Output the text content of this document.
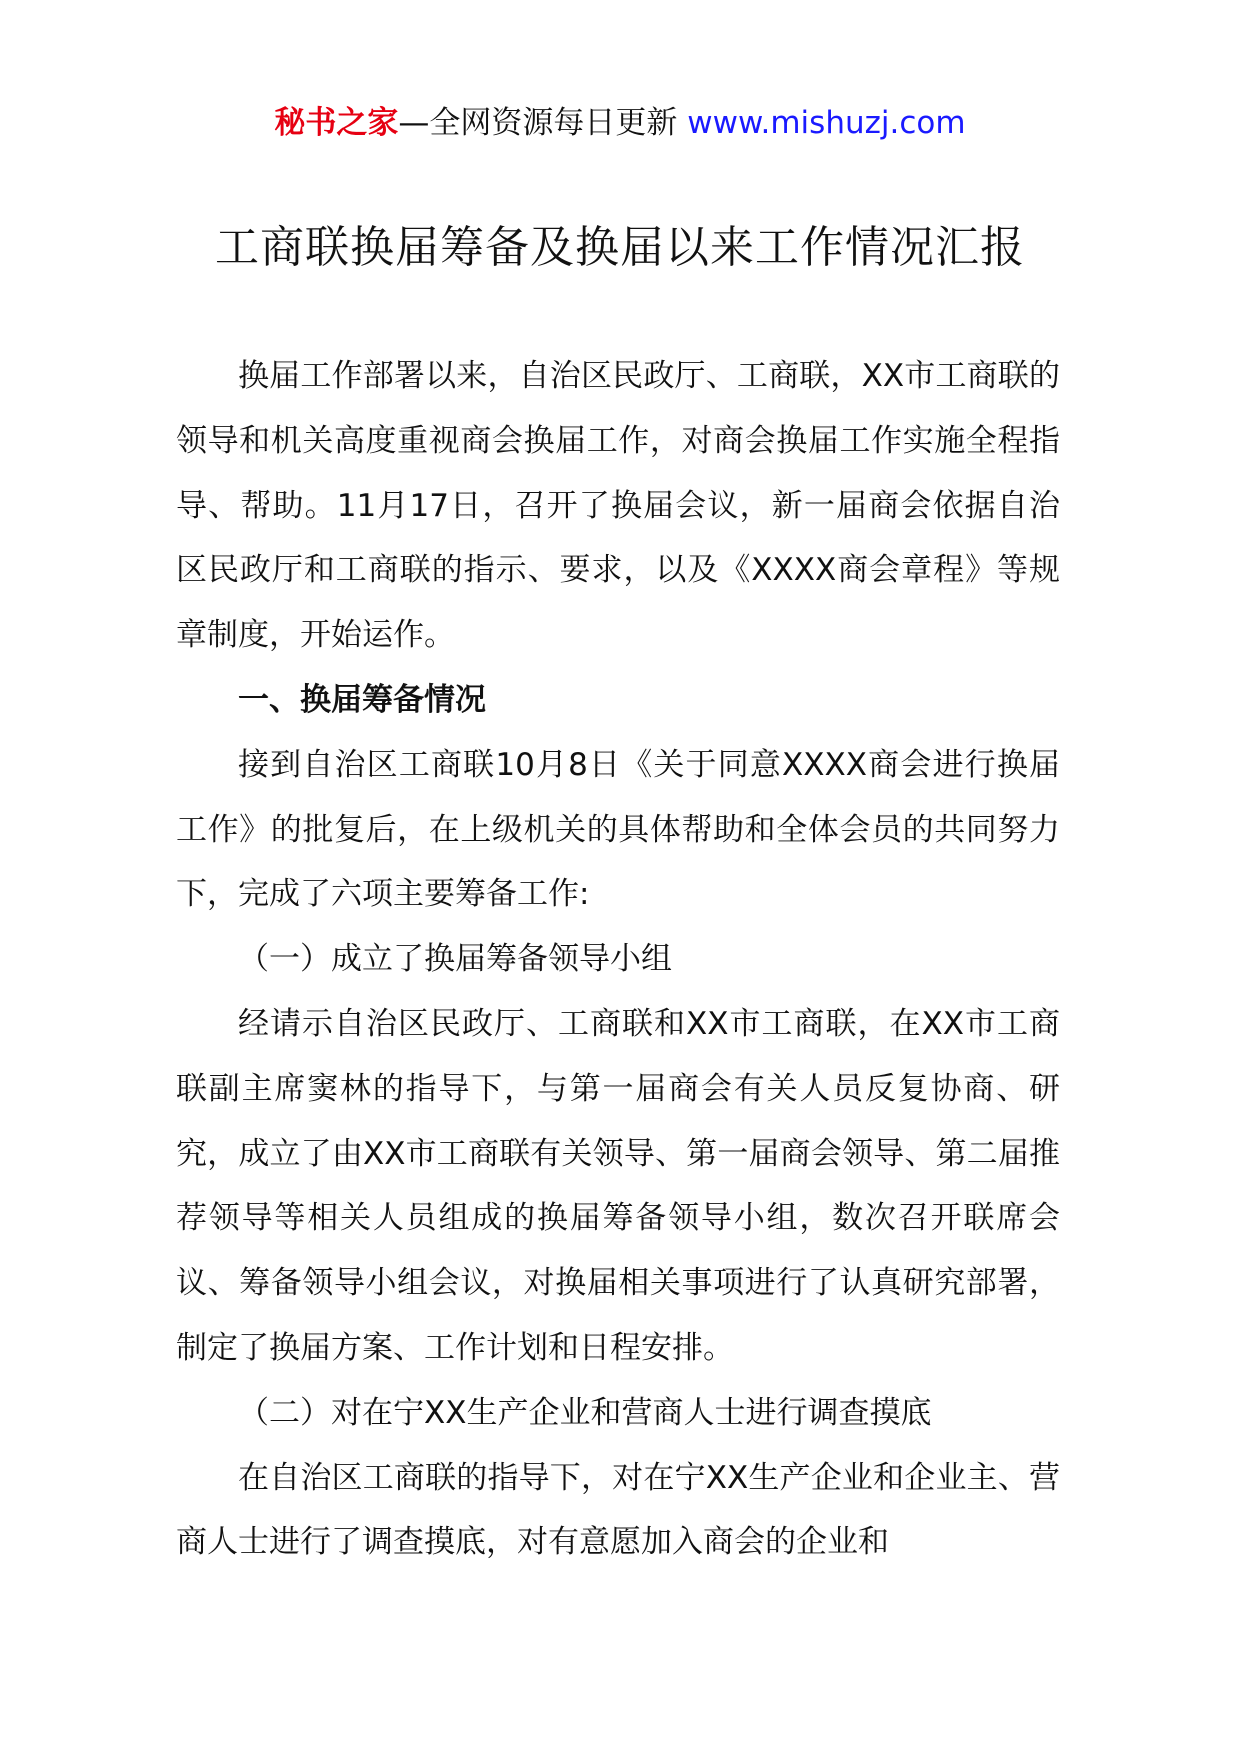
秘书之家—全网资源每日更新 www.mishuzj.com
工商联换届筹备及换届以来工作情况汇报

换届工作部署以来，自治区民政厅、工商联，XX市工商联的领导和机关高度重视商会换届工作，对商会换届工作实施全程指导、帮助。11月17日，召开了换届会议，新一届商会依据自治区民政厅和工商联的指示、要求，以及《XXXX商会章程》等规章制度，开始运作。

一、换届筹备情况

接到自治区工商联10月8日《关于同意XXXX商会进行换届工作》的批复后，在上级机关的具体帮助和全体会员的共同努力下，完成了六项主要筹备工作:

（一）成立了换届筹备领导小组

经请示自治区民政厅、工商联和XX市工商联，在XX市工商联副主席窦林的指导下，与第一届商会有关人员反复协商、研究，成立了由XX市工商联有关领导、第一届商会领导、第二届推荐领导等相关人员组成的换届筹备领导小组，数次召开联席会议、筹备领导小组会议，对换届相关事项进行了认真研究部署，制定了换届方案、工作计划和日程安排。

（二）对在宁XX生产企业和营商人士进行调查摸底

在自治区工商联的指导下，对在宁XX生产企业和企业主、营商人士进行了调查摸底，对有意愿加入商会的企业和
